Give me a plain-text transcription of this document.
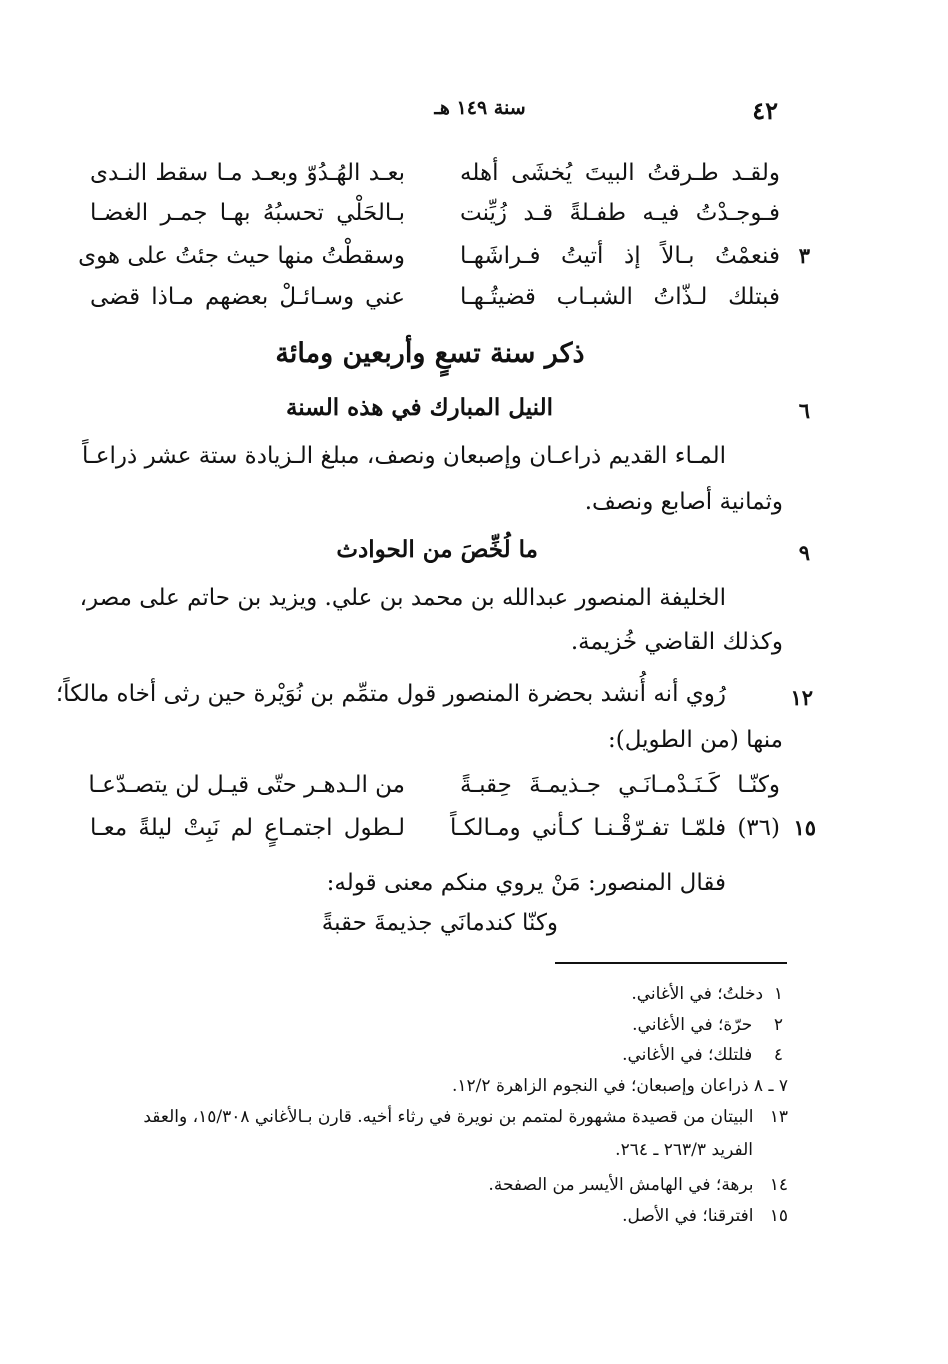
٤٢
سنة ١٤٩ هـ
ولقـد طـرقتُ البيتَ يُخشَى أهله
بعـد الهُـدُوّ وبعـد مـا سقط النـدى
فـوجـدْتُ فيـه طفـلةً قـد زُيِّنت
بـالحَلْي تحسبُهُ بهـا جمـر الغضـا
٣
فنعمْتُ بـالاً إذ أتيتُ فـراشَهـا
وسقطْتُ منها حيث جئتُ على هوى
فبتلك لـذّاتُ الشبـاب قضيتُـهـا
عني وسـائـلْ بعضهم مـاذا قضى
ذكر سنة تسعٍ وأربعين ومائة
٦
النيل المبارك في هذه السنة
المـاء القديم ذراعـان وإصبعان ونصف، مبلغ الـزيادة ستة عشر ذراعـاً
وثمانية أصابع ونصف.
٩
ما لُخِّصَ من الحوادث
الخليفة المنصور عبدالله بن محمد بن علي. ويزيد بن حاتم على مصر،
وكذلك القاضي خُزيمة.
١٢
رُوي أنه أُنشد بحضرة المنصور قول متمِّم بن نُوَيْرة حين رثى أخاه مالكاً؛
منها (من الطويل):
وكنّـا كَـنَـدْمـانَـي جـذيمـةَ حِقبـةً
من الـدهـر حتّى قيـل لن يتصـدّعـا
١٥
(٣٦) فلمّـا تفـرّقْـنـا كـأني ومـالكـاً
لـطول اجتمـاعٍ لم نَبِتْ ليلةً معـا
فقال المنصور: مَنْ يروي منكم معنى قوله:
وكنّا كندمانَي جذيمةَ حقبةً
١  دخلتُ؛ في الأغاني.
٢    حرّة؛ في الأغاني.
٤    فلتلك؛ في الأغاني.
٧ ـ ٨ ذراعان وإصبعان؛ في النجوم الزاهرة ١٢/٢.
١٣   البيتان من قصيدة مشهورة لمتمم بن نويرة في رثاء أخيه. قارن بـالأغاني ١٥/٣٠٨، والعقد
الفريد ٢٦٣/٣ ـ ٢٦٤.
١٤   برهة؛ في الهامش الأيسر من الصفحة.
١٥   افترقنا؛ في الأصل.
